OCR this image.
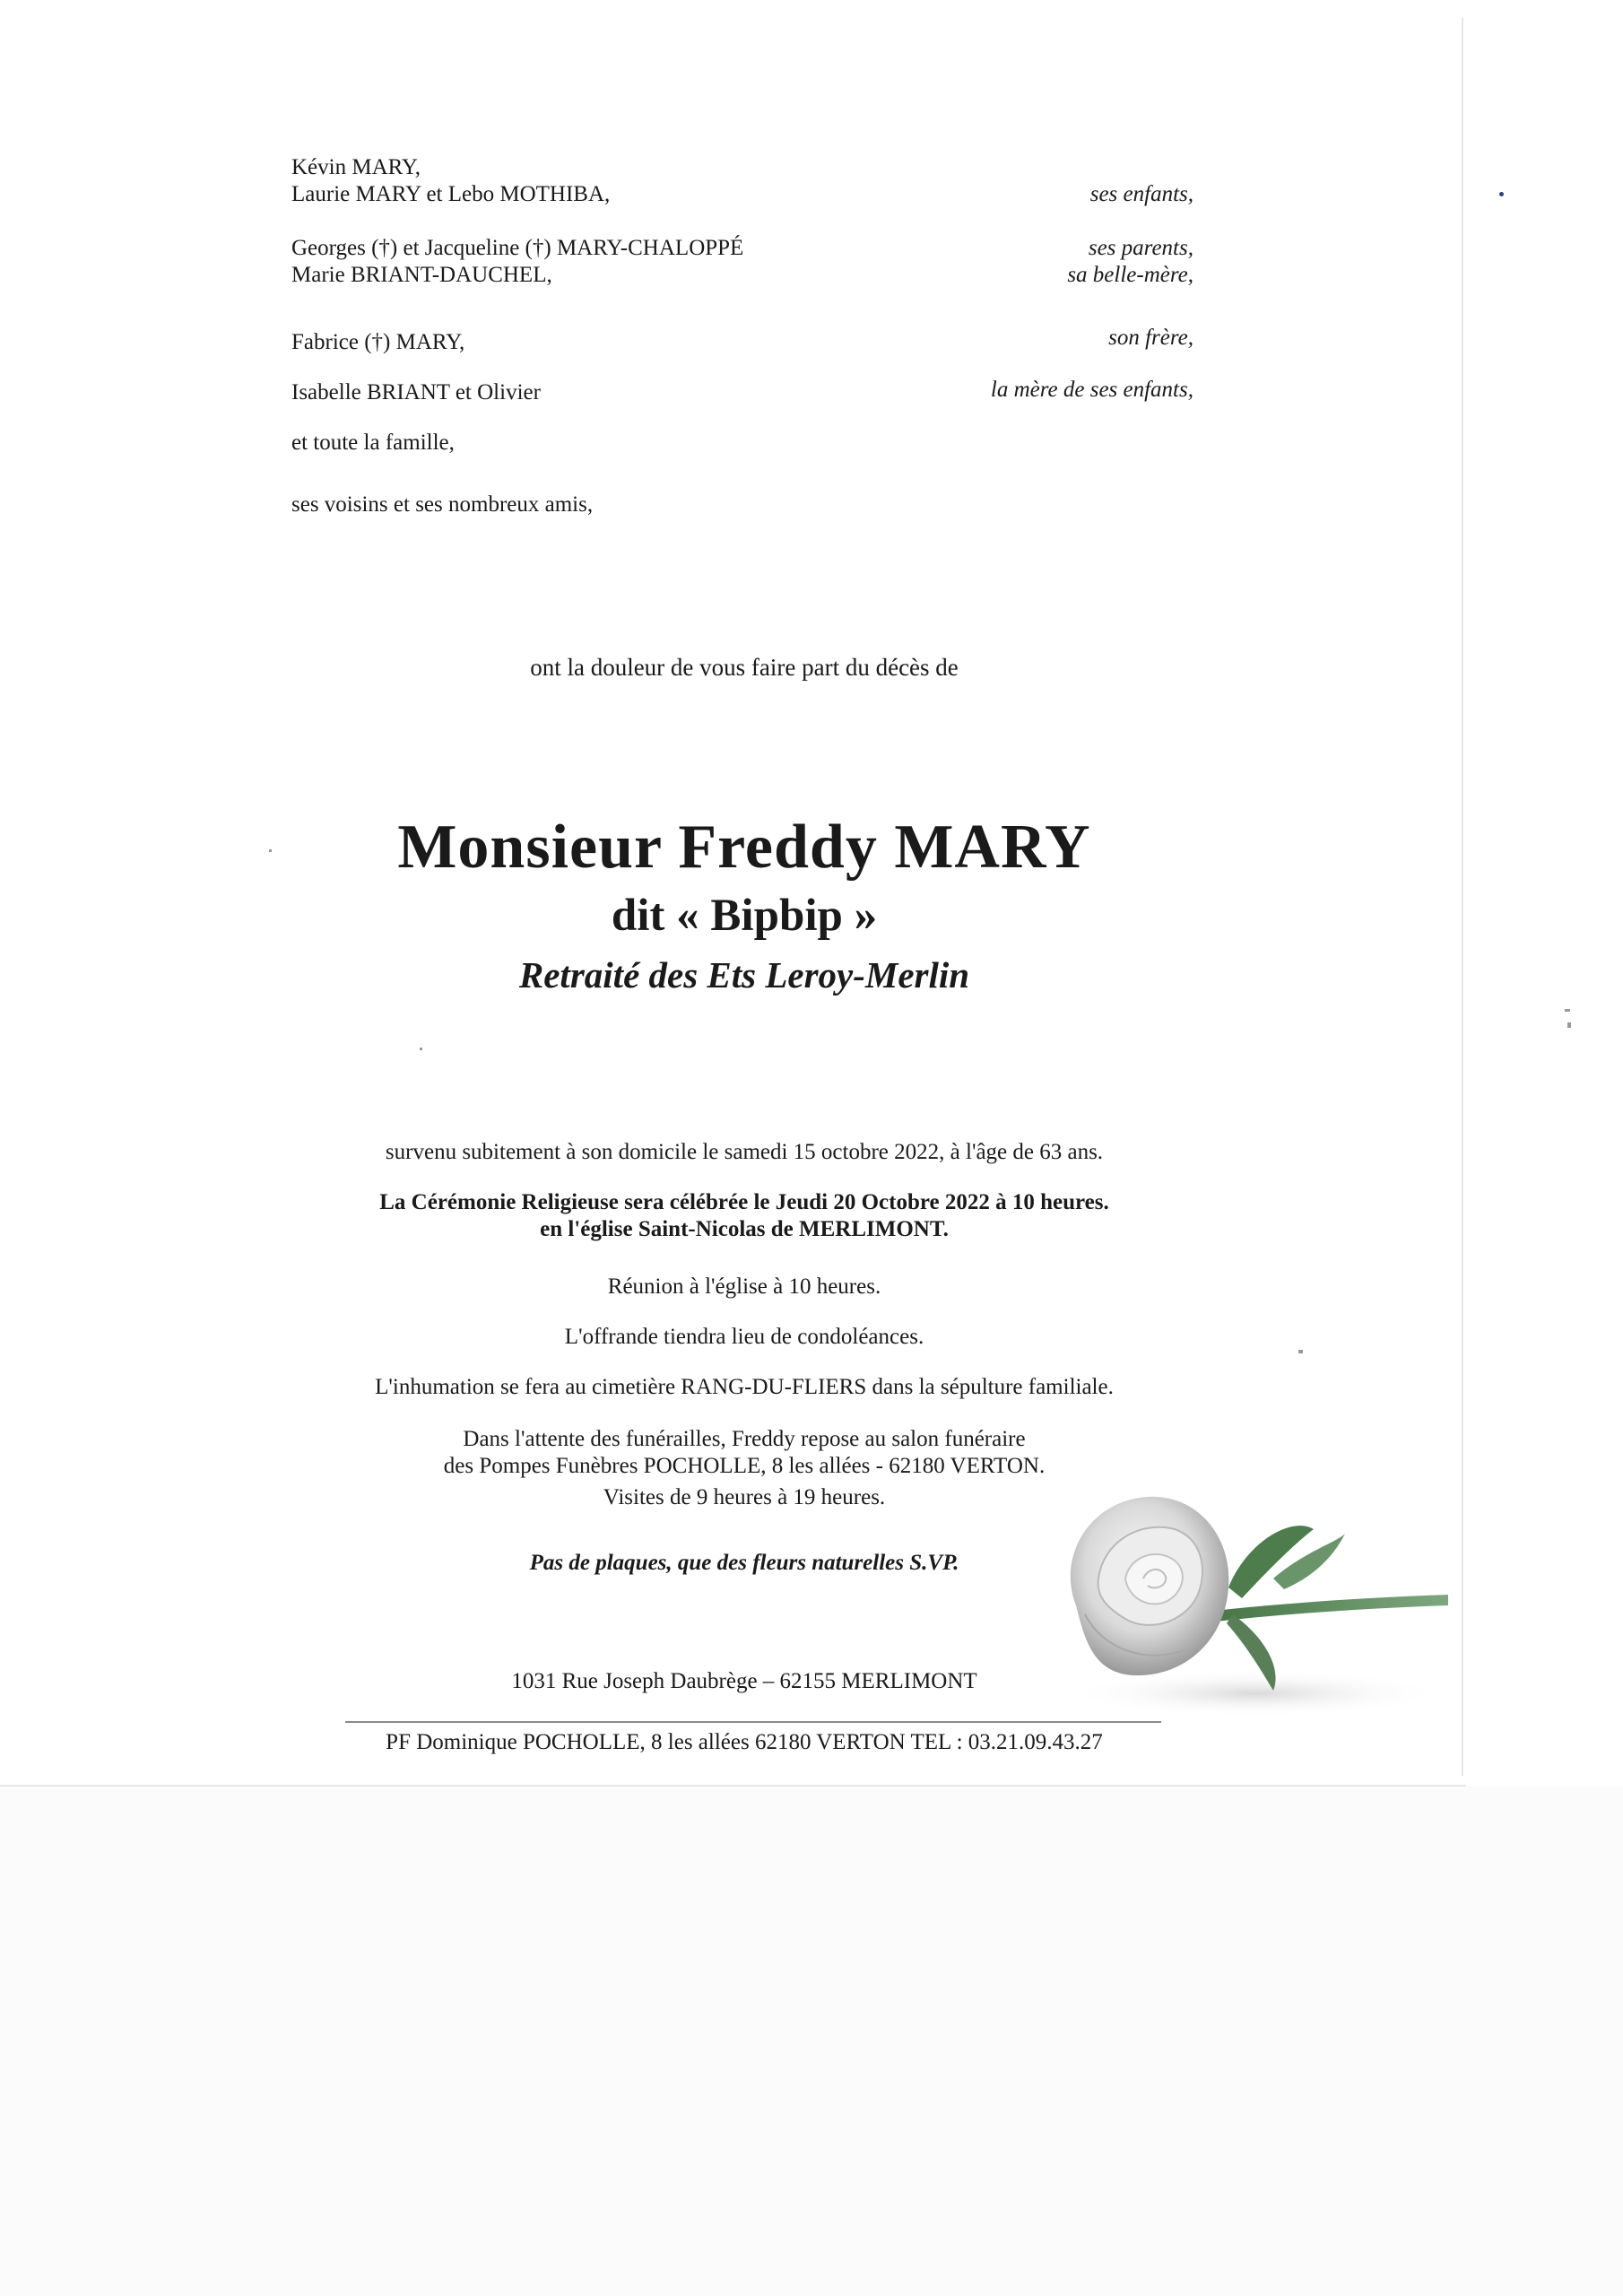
Kévin MARY,
Laurie MARY et Lebo MOTHIBA,
Georges (†) et Jacqueline (†) MARY-CHALOPPÉ
Marie BRIANT-DAUCHEL,
Fabrice (†) MARY,
Isabelle BRIANT et Olivier
et toute la famille,
ses voisins et ses nombreux amis,
ses enfants,
ses parents,
sa belle-mère,
son frère,
la mère de ses enfants,
ont la douleur de vous faire part du décès de
Monsieur Freddy MARY
dit « Bipbip »
Retraité des Ets Leroy-Merlin
survenu subitement à son domicile le samedi 15 octobre 2022, à l'âge de 63 ans.
La Cérémonie Religieuse sera célébrée le Jeudi 20 Octobre 2022 à 10 heures.
en l'église Saint-Nicolas de MERLIMONT.
Réunion à l'église à 10 heures.
L'offrande tiendra lieu de condoléances.
L'inhumation se fera au cimetière RANG-DU-FLIERS dans la sépulture familiale.
Dans l'attente des funérailles, Freddy repose au salon funéraire
des Pompes Funèbres POCHOLLE, 8 les allées - 62180 VERTON.
Visites de 9 heures à 19 heures.
Pas de plaques, que des fleurs naturelles S.VP.
1031 Rue Joseph Daubrège – 62155 MERLIMONT
PF Dominique POCHOLLE, 8 les allées 62180 VERTON TEL : 03.21.09.43.27
